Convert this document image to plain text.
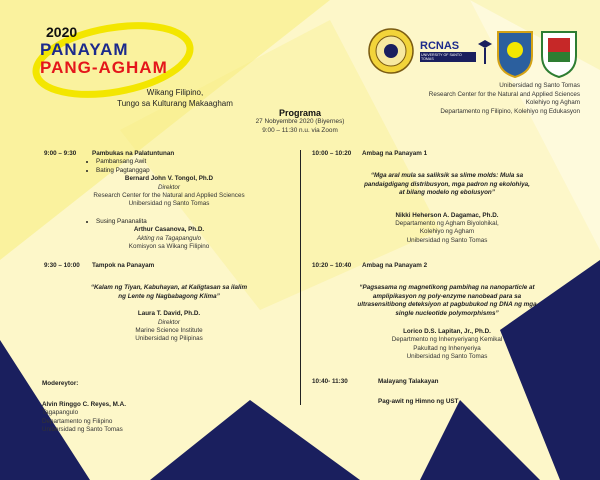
2020
PANAYAM
PANG-AGHAM
Wikang Filipino,
Tungo sa Kulturang Makaagham
RCNAS
UNIVERSITY OF SANTO TOMAS
Unibersidad ng Santo Tomas
Research Center for the Natural and Applied Sciences
Kolehiyo ng Agham
Departamento ng Filipino, Kolehiyo ng Edukasyon
Programa
27 Nobyembre 2020 (Biyernes)
9:00 – 11:30 n.u. via Zoom
9:00 – 9:30	Pambukas na Palatuntunan
• Pambansang Awit
• Bating Pagtanggap
Bernard John V. Tongol, Ph.D
Direktor
Research Center for the Natural and Applied Sciences
Unibersidad ng Santo Tomas
• Susing Pananalita
Arthur Casanova, Ph.D.
Akting na Tagapangulo
Komisyon sa Wikang Filipino
9:30 – 10:00 Tampok na Panayam
“Kalam ng Tiyan, Kabuhayan, at Kaligtasan sa ilalim
ng Lente ng Nagbabagong Klima”
Laura T. David, Ph.D.
Direktor
Marine Science Institute
Unibersidad ng Pilipinas
Modereytor:
Alvin Ringgo C. Reyes, M.A.
Tagapangulo
Departamento ng Filipino
Unibersidad ng Santo Tomas
10:00 – 10:20 Ambag na Panayam 1
“Mga aral mula sa saliksik sa slime molds: Mula sa
pandaigdigang distribusyon, mga padron ng ekolohiya,
at bilang modelo ng ebolusyon”
Nikki Heherson A. Dagamac, Ph.D.
Departamento ng Agham Biyolohikal,
Kolehiyo ng Agham
Unibersidad ng Santo Tomas
10:20 – 10:40 Ambag na Panayam 2
“Pagsasama ng magnetikong pambihag na nanoparticle at
amplipikasyon ng poly-enzyme nanobead para sa
ultrasensitibong deteksiyon at pagbubukod ng DNA ng mga
single nucleotide polymorphisms”
Lorico D.S. Lapitan, Jr., Ph.D.
Departmento ng Inhenyeriyang Kemikal
Pakultad ng Inhenyeriya
Unibersidad ng Santo Tomas
10:40- 11:30	Malayang Talakayan
Pag-awit ng Himno ng UST
